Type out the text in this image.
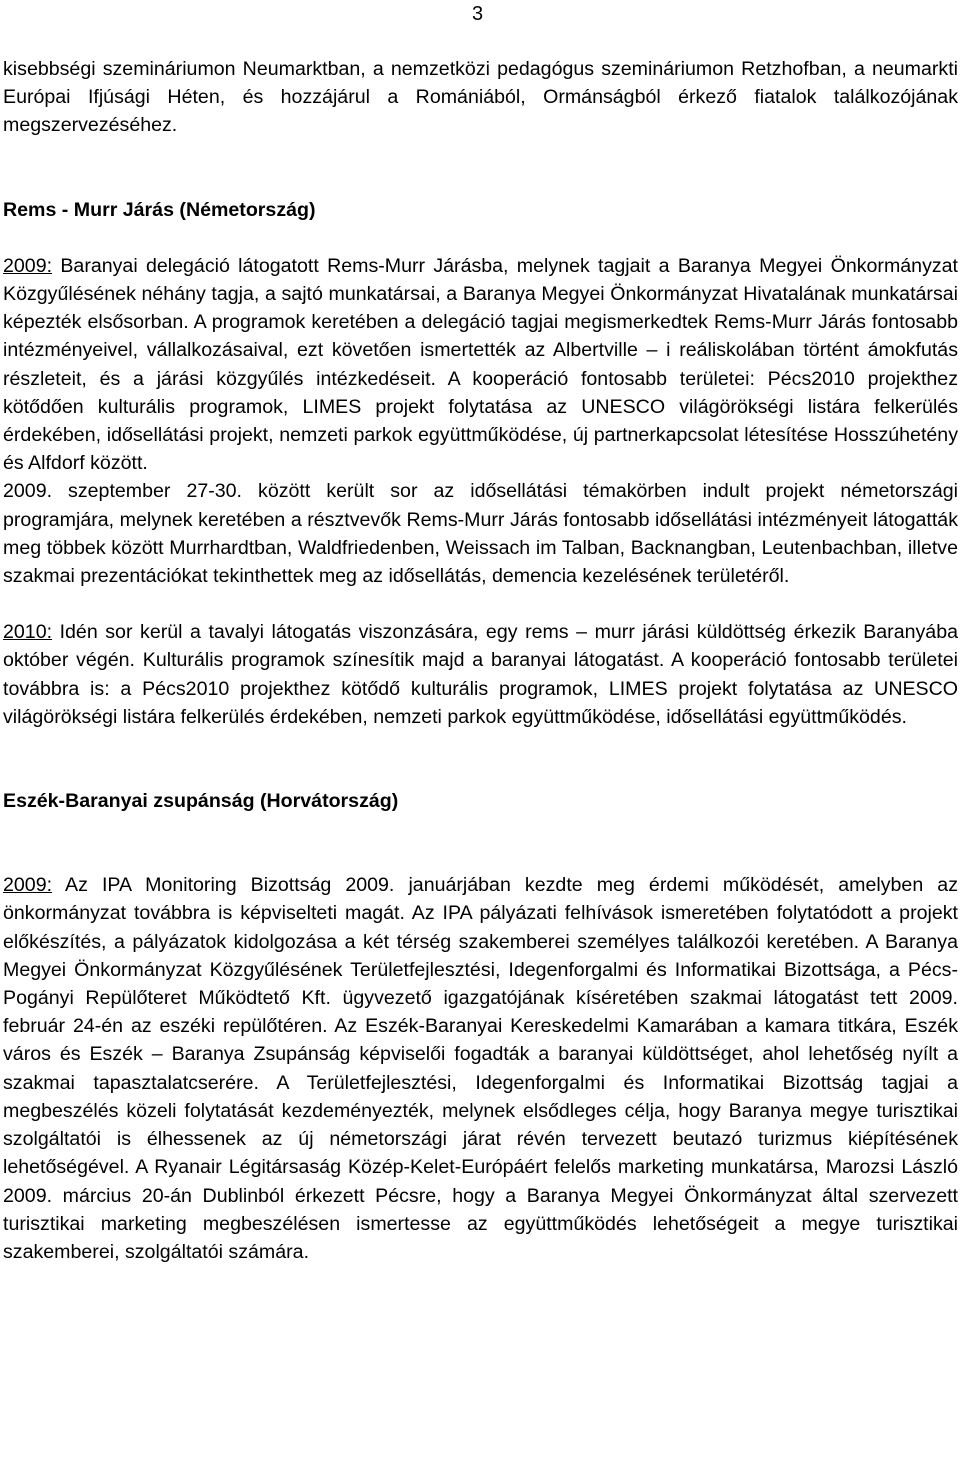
3

kisebbségi szemináriumon Neumarktban, a nemzetközi pedagógus szemináriumon Retzhofban, a neumarkti Európai Ifjúsági Héten, és hozzájárul a Romániából, Ormánságból érkező fiatalok találkozójának megszervezéséhez.

Rems - Murr Járás (Németország)

2009: Baranyai delegáció látogatott Rems-Murr Járásba, melynek tagjait a Baranya Megyei Önkormányzat Közgyűlésének néhány tagja, a sajtó munkatársai, a Baranya Megyei Önkormányzat Hivatalának munkatársai képezték elsősorban. A programok keretében a delegáció tagjai megismerkedtek Rems-Murr Járás fontosabb intézményeivel, vállalkozásaival, ezt követően ismertették az Albertville – i reáliskolában történt ámokfutás részleteit, és a járási közgyűlés intézkedéseit. A kooperáció fontosabb területei: Pécs2010 projekthez kötődően kulturális programok, LIMES projekt folytatása az UNESCO világörökségi listára felkerülés érdekében, idősellátási projekt, nemzeti parkok együttműködése, új partnerkapcsolat létesítése Hosszúhetény és Alfdorf között.

2009. szeptember 27-30. között került sor az idősellátási témakörben indult projekt németországi programjára, melynek keretében a résztvevők Rems-Murr Járás fontosabb idősellátási intézményeit látogatták meg többek között Murrhardtban, Waldfriedenben, Weissach im Talban, Backnangban, Leutenbachban, illetve szakmai prezentációkat tekinthettek meg az idősellátás, demencia kezelésének területéről.

2010: Idén sor kerül a tavalyi látogatás viszonzására, egy rems – murr járási küldöttség érkezik Baranyába október végén. Kulturális programok színesítik majd a baranyai látogatást. A kooperáció fontosabb területei továbbra is: a Pécs2010 projekthez kötődő kulturális programok, LIMES projekt folytatása az UNESCO világörökségi listára felkerülés érdekében, nemzeti parkok együttműködése, idősellátási együttműködés.

Eszék-Baranyai zsupánság (Horvátország)

2009: Az IPA Monitoring Bizottság 2009. januárjában kezdte meg érdemi működését, amelyben az önkormányzat továbbra is képviselteti magát. Az IPA pályázati felhívások ismeretében folytatódott a projekt előkészítés, a pályázatok kidolgozása a két térség szakemberei személyes találkozói keretében. A Baranya Megyei Önkormányzat Közgyűlésének Területfejlesztési, Idegenforgalmi és Informatikai Bizottsága, a Pécs-Pogányi Repülőteret Működtető Kft. ügyvezető igazgatójának kíséretében szakmai látogatást tett 2009. február 24-én az eszéki repülőtéren. Az Eszék-Baranyai Kereskedelmi Kamarában a kamara titkára, Eszék város és Eszék – Baranya Zsupánság képviselői fogadták a baranyai küldöttséget, ahol lehetőség nyílt a szakmai tapasztalatcserére. A Területfejlesztési, Idegenforgalmi és Informatikai Bizottság tagjai a megbeszélés közeli folytatását kezdeményezték, melynek elsődleges célja, hogy Baranya megye turisztikai szolgáltatói is élhessenek az új németországi járat révén tervezett beutazó turizmus kiépítésének lehetőségével. A Ryanair Légitársaság Közép-Kelet-Európáért felelős marketing munkatársa, Marozsi László 2009. március 20-án Dublinból érkezett Pécsre, hogy a Baranya Megyei Önkormányzat által szervezett turisztikai marketing megbeszélésen ismertesse az együttműködés lehetőségeit a megye turisztikai szakemberei, szolgáltatói számára.
